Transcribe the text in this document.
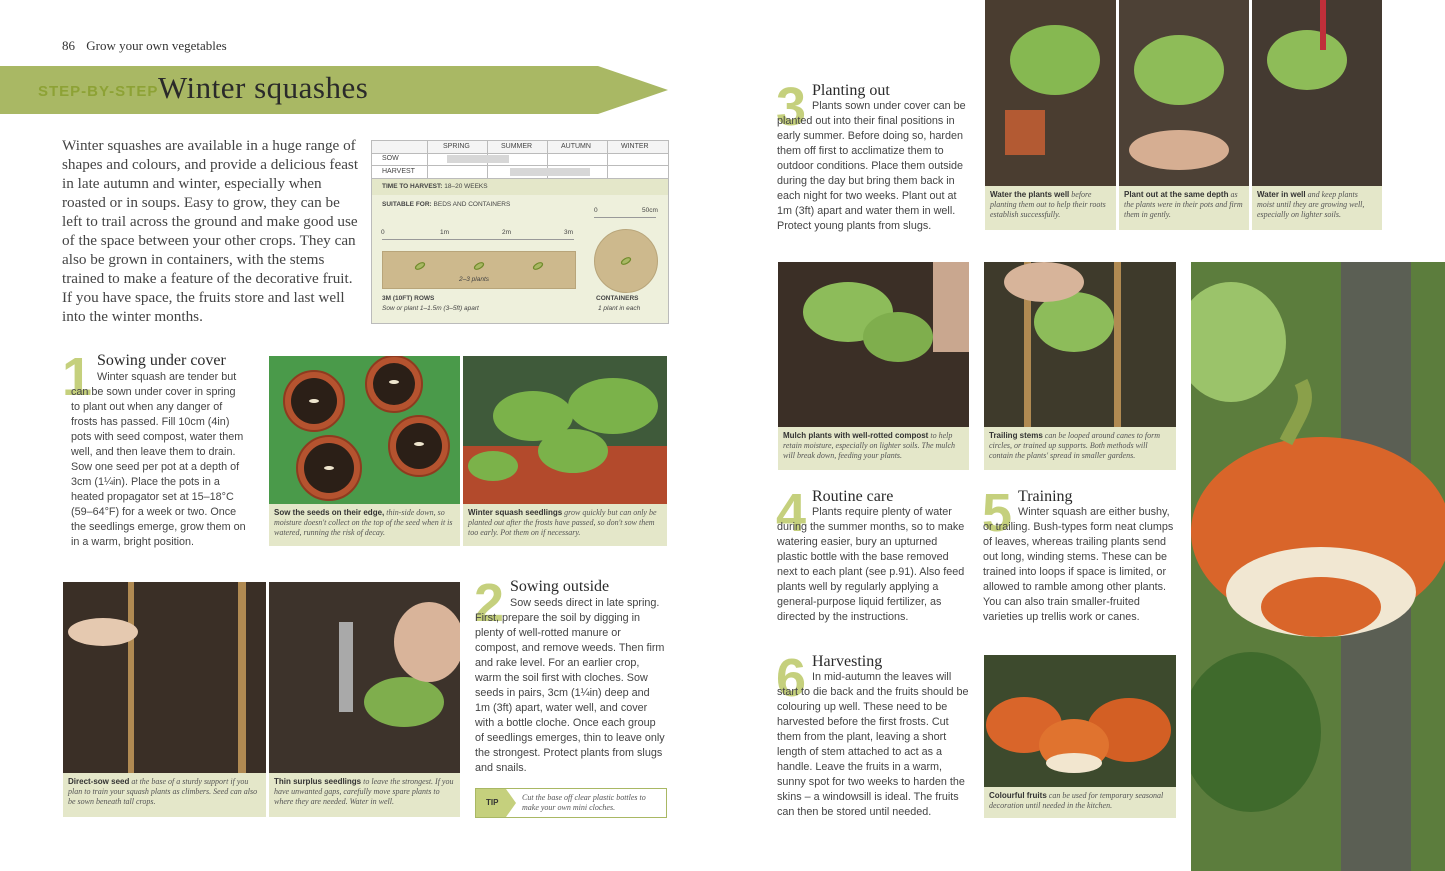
86 Grow your own vegetables
STEP-BY-STEP Winter squashes
Winter squashes are available in a huge range of shapes and colours, and provide a delicious feast in late autumn and winter, especially when roasted or in soups. Easy to grow, they can be left to trail across the ground and make good use of the space between your other crops. They can also be grown in containers, with the stems trained to make a feature of the decorative fruit. If you have space, the fruits store and last well into the winter months.
SPRING	SUMMER	AUTUMN	WINTER
SOW
HARVEST
TIME TO HARVEST: 18–20 WEEKS
SUITABLE FOR: BEDS AND CONTAINERS
0	1m	2m	3m
2–3 plants
3M (10FT) ROWS
Sow or plant 1–1.5m (3–5ft) apart
0	50cm
CONTAINERS
1 plant in each
1 Sowing under cover
Winter squash are tender but can be sown under cover in spring to plant out when any danger of frosts has passed. Fill 10cm (4in) pots with seed compost, water them well, and then leave them to drain. Sow one seed per pot at a depth of 3cm (1¼in). Place the pots in a heated propagator set at 15–18°C (59–64°F) for a week or two. Once the seedlings emerge, grow them on in a warm, bright position.
Sow the seeds on their edge, thin-side down, so moisture doesn't collect on the top of the seed when it is watered, running the risk of decay.
Winter squash seedlings grow quickly but can only be planted out after the frosts have passed, so don't sow them too early. Pot them on if necessary.
Direct-sow seed at the base of a sturdy support if you plan to train your squash plants as climbers. Seed can also be sown beneath tall crops.
Thin surplus seedlings to leave the strongest. If you have unwanted gaps, carefully move spare plants to where they are needed. Water in well.
2 Sowing outside
Sow seeds direct in late spring. First, prepare the soil by digging in plenty of well-rotted manure or compost, and remove weeds. Then firm and rake level. For an earlier crop, warm the soil first with cloches. Sow seeds in pairs, 3cm (1¼in) deep and 1m (3ft) apart, water well, and cover with a bottle cloche. Once each group of seedlings emerges, thin to leave only the strongest. Protect plants from slugs and snails.
TIP
Cut the base off clear plastic bottles to make your own mini cloches.
3 Planting out
Plants sown under cover can be planted out into their final positions in early summer. Before doing so, harden them off first to acclimatize them to outdoor conditions. Place them outside during the day but bring them back in each night for two weeks. Plant out at 1m (3ft) apart and water them in well. Protect young plants from slugs.
Water the plants well before planting them out to help their roots establish successfully.
Plant out at the same depth as the plants were in their pots and firm them in gently.
Water in well and keep plants moist until they are growing well, especially on lighter soils.
Mulch plants with well-rotted compost to help retain moisture, especially on lighter soils. The mulch will break down, feeding your plants.
Trailing stems can be looped around canes to form circles, or trained up supports. Both methods will contain the plants' spread in smaller gardens.
4 Routine care
Plants require plenty of water during the summer months, so to make watering easier, bury an upturned plastic bottle with the base removed next to each plant (see p.91). Also feed plants well by regularly applying a general-purpose liquid fertilizer, as directed by the instructions.
5 Training
Winter squash are either bushy, or trailing. Bush-types form neat clumps of leaves, whereas trailing plants send out long, winding stems. These can be trained into loops if space is limited, or allowed to ramble among other plants. You can also train smaller-fruited varieties up trellis work or canes.
6 Harvesting
In mid-autumn the leaves will start to die back and the fruits should be colouring up well. These need to be harvested before the first frosts. Cut them from the plant, leaving a short length of stem attached to act as a handle. Leave the fruits in a warm, sunny spot for two weeks to harden the skins – a windowsill is ideal. The fruits can then be stored until needed.
Colourful fruits can be used for temporary seasonal decoration until needed in the kitchen.
